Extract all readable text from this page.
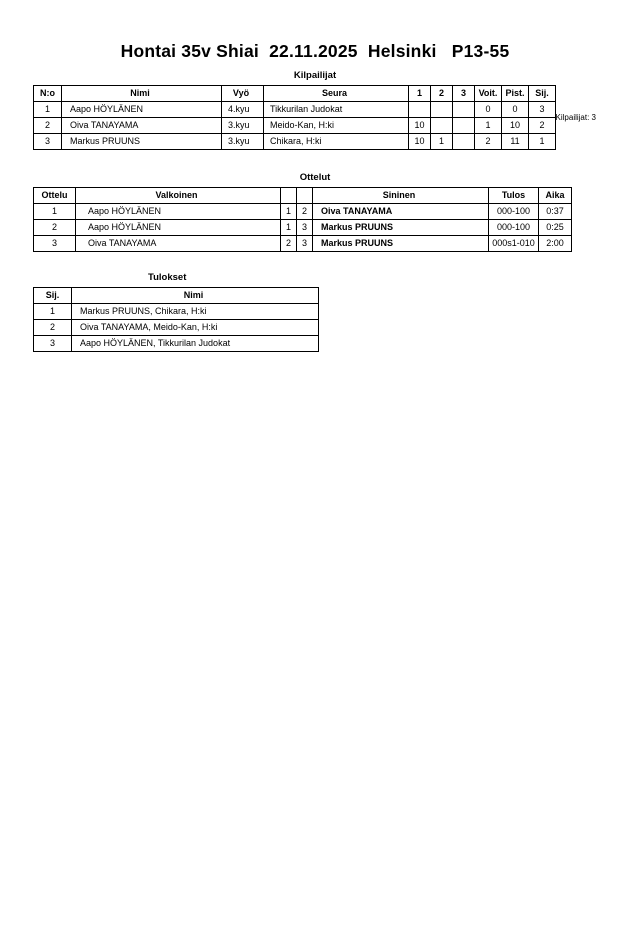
Hontai 35v Shiai  22.11.2025  Helsinki   P13-55
Kilpailijat
Kilpailijat: 3
N:o	Nimi	Vyö	Seura	1	2	3	Voit.	Pist.	Sij.
1	Aapo HÖYLÄNEN	4.kyu	Tikkurilan Judokat				0	0	3
2	Oiva TANAYAMA	3.kyu	Meido-Kan, H:ki	10			1	10	2
3	Markus PRUUNS	3.kyu	Chikara, H:ki	10	1		2	11	1
Ottelut
Ottelu	Valkoinen			Sininen	Tulos	Aika
1	Aapo HÖYLÄNEN	1	2	Oiva TANAYAMA	000-100	0:37
2	Aapo HÖYLÄNEN	1	3	Markus PRUUNS	000-100	0:25
3	Oiva TANAYAMA	2	3	Markus PRUUNS	000s1-010	2:00
Tulokset
Sij.	Nimi
1	Markus PRUUNS, Chikara, H:ki
2	Oiva TANAYAMA, Meido-Kan, H:ki
3	Aapo HÖYLÄNEN, Tikkurilan Judokat
